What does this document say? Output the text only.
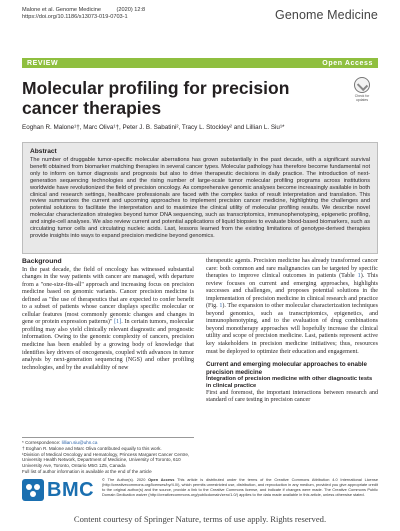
Malone et al. Genome Medicine	(2020) 12:8
https://doi.org/10.1186/s13073-019-0703-1	Genome Medicine
REVIEW	Open Access
Molecular profiling for precision cancer therapies
Check for updates
Eoghan R. Malone¹†, Marc Oliva¹†, Peter J. B. Sabatini², Tracy L. Stockley² and Lillian L. Siu¹*
Abstract

The number of druggable tumor-specific molecular aberrations has grown substantially in the past decade, with a significant survival benefit obtained from biomarker matching therapies in several cancer types. Molecular pathology has therefore become fundamental not only to inform on tumor diagnosis and prognosis but also to drive therapeutic decisions in daily practice. The introduction of next-generation sequencing technologies and the rising number of large-scale tumor molecular profiling programs across institutions worldwide have revolutionized the field of precision oncology. As comprehensive genomic analyses become increasingly available in both clinical and research settings, healthcare professionals are faced with the complex tasks of result interpretation and translation. This review summarizes the current and upcoming approaches to implement precision cancer medicine, highlighting the challenges and potential solutions to facilitate the interpretation and to maximize the clinical utility of molecular profiling results. We describe novel molecular characterization strategies beyond tumor DNA sequencing, such as transcriptomics, immunophenotyping, epigenetic profiling, and single-cell analyses. We also review current and potential applications of liquid biopsies to evaluate blood-based biomarkers, such as circulating tumor cells and circulating nucleic acids. Last, lessons learned from the existing limitations of genotype-derived therapies provide insights into ways to expand precision medicine beyond genomics.

Background

In the past decade, the field of oncology has witnessed substantial changes in the way patients with cancer are managed, with departure from a "one-size-fits-all" approach and increasing focus on precision medicine based on genomic variants. Cancer precision medicine is defined as "the use of therapeutics that are expected to confer benefit to a subset of patients whose cancer displays specific molecular or cellular features (most commonly genomic changes and changes in gene or protein expression patterns)" [1]. In certain tumors, molecular profiling may also yield clinically relevant diagnostic and prognostic information. Owing to the genomic complexity of cancers, precision medicine has been enabled by a growing body of knowledge that identifies key drivers of oncogenesis, coupled with advances in tumor analysis by next-generation sequencing (NGS) and other profiling technologies, and by the availability of new

therapeutic agents. Precision medicine has already transformed cancer care: both common and rare malignancies can be targeted by specific therapies to improve clinical outcomes in patients (Table 1). This review focuses on current and emerging approaches, highlights successes and challenges, and proposes potential solutions in the implementation of precision medicine in clinical research and practice (Fig. 1). The expansion to other molecular characterization techniques beyond genomics, such as transcriptomics, epigenetics, and immunophenotyping, and to the evaluation of drug combinations beyond monotherapy approaches will hopefully increase the clinical utility and scope of precision medicine. Last, patients represent active key stakeholders in precision medicine initiatives; thus, resources must be deployed to optimize their education and engagement.

Current and emerging molecular approaches to enable precision medicine
Integration of precision medicine with other diagnostic tests in clinical practice

First and foremost, the important interactions between research and standard of care testing in precision cancer

* Correspondence: lillian.siu@uhn.ca
† Eoghan R. Malone and Marc Oliva contributed equally to this work.
¹Division of Medical Oncology and Hematology, Princess Margaret Cancer Centre, University Health Network, Department of Medicine, University of Toronto, 610 University Ave, Toronto, Ontario M5G 1Z5, Canada
Full list of author information is available at the end of the article
BMC © The Author(s). 2020 Open Access This article is distributed under the terms of the Creative Commons Attribution 4.0 International License (http://creativecommons.org/licenses/by/4.0/), which permits unrestricted use, distribution, and reproduction in any medium, provided you give appropriate credit to the original author(s) and the source, provide a link to the Creative Commons license, and indicate if changes were made. The Creative Commons Public Domain Dedication waiver (http://creativecommons.org/publicdomain/zero/1.0/) applies to the data made available in this article, unless otherwise stated.
Content courtesy of Springer Nature, terms of use apply. Rights reserved.
